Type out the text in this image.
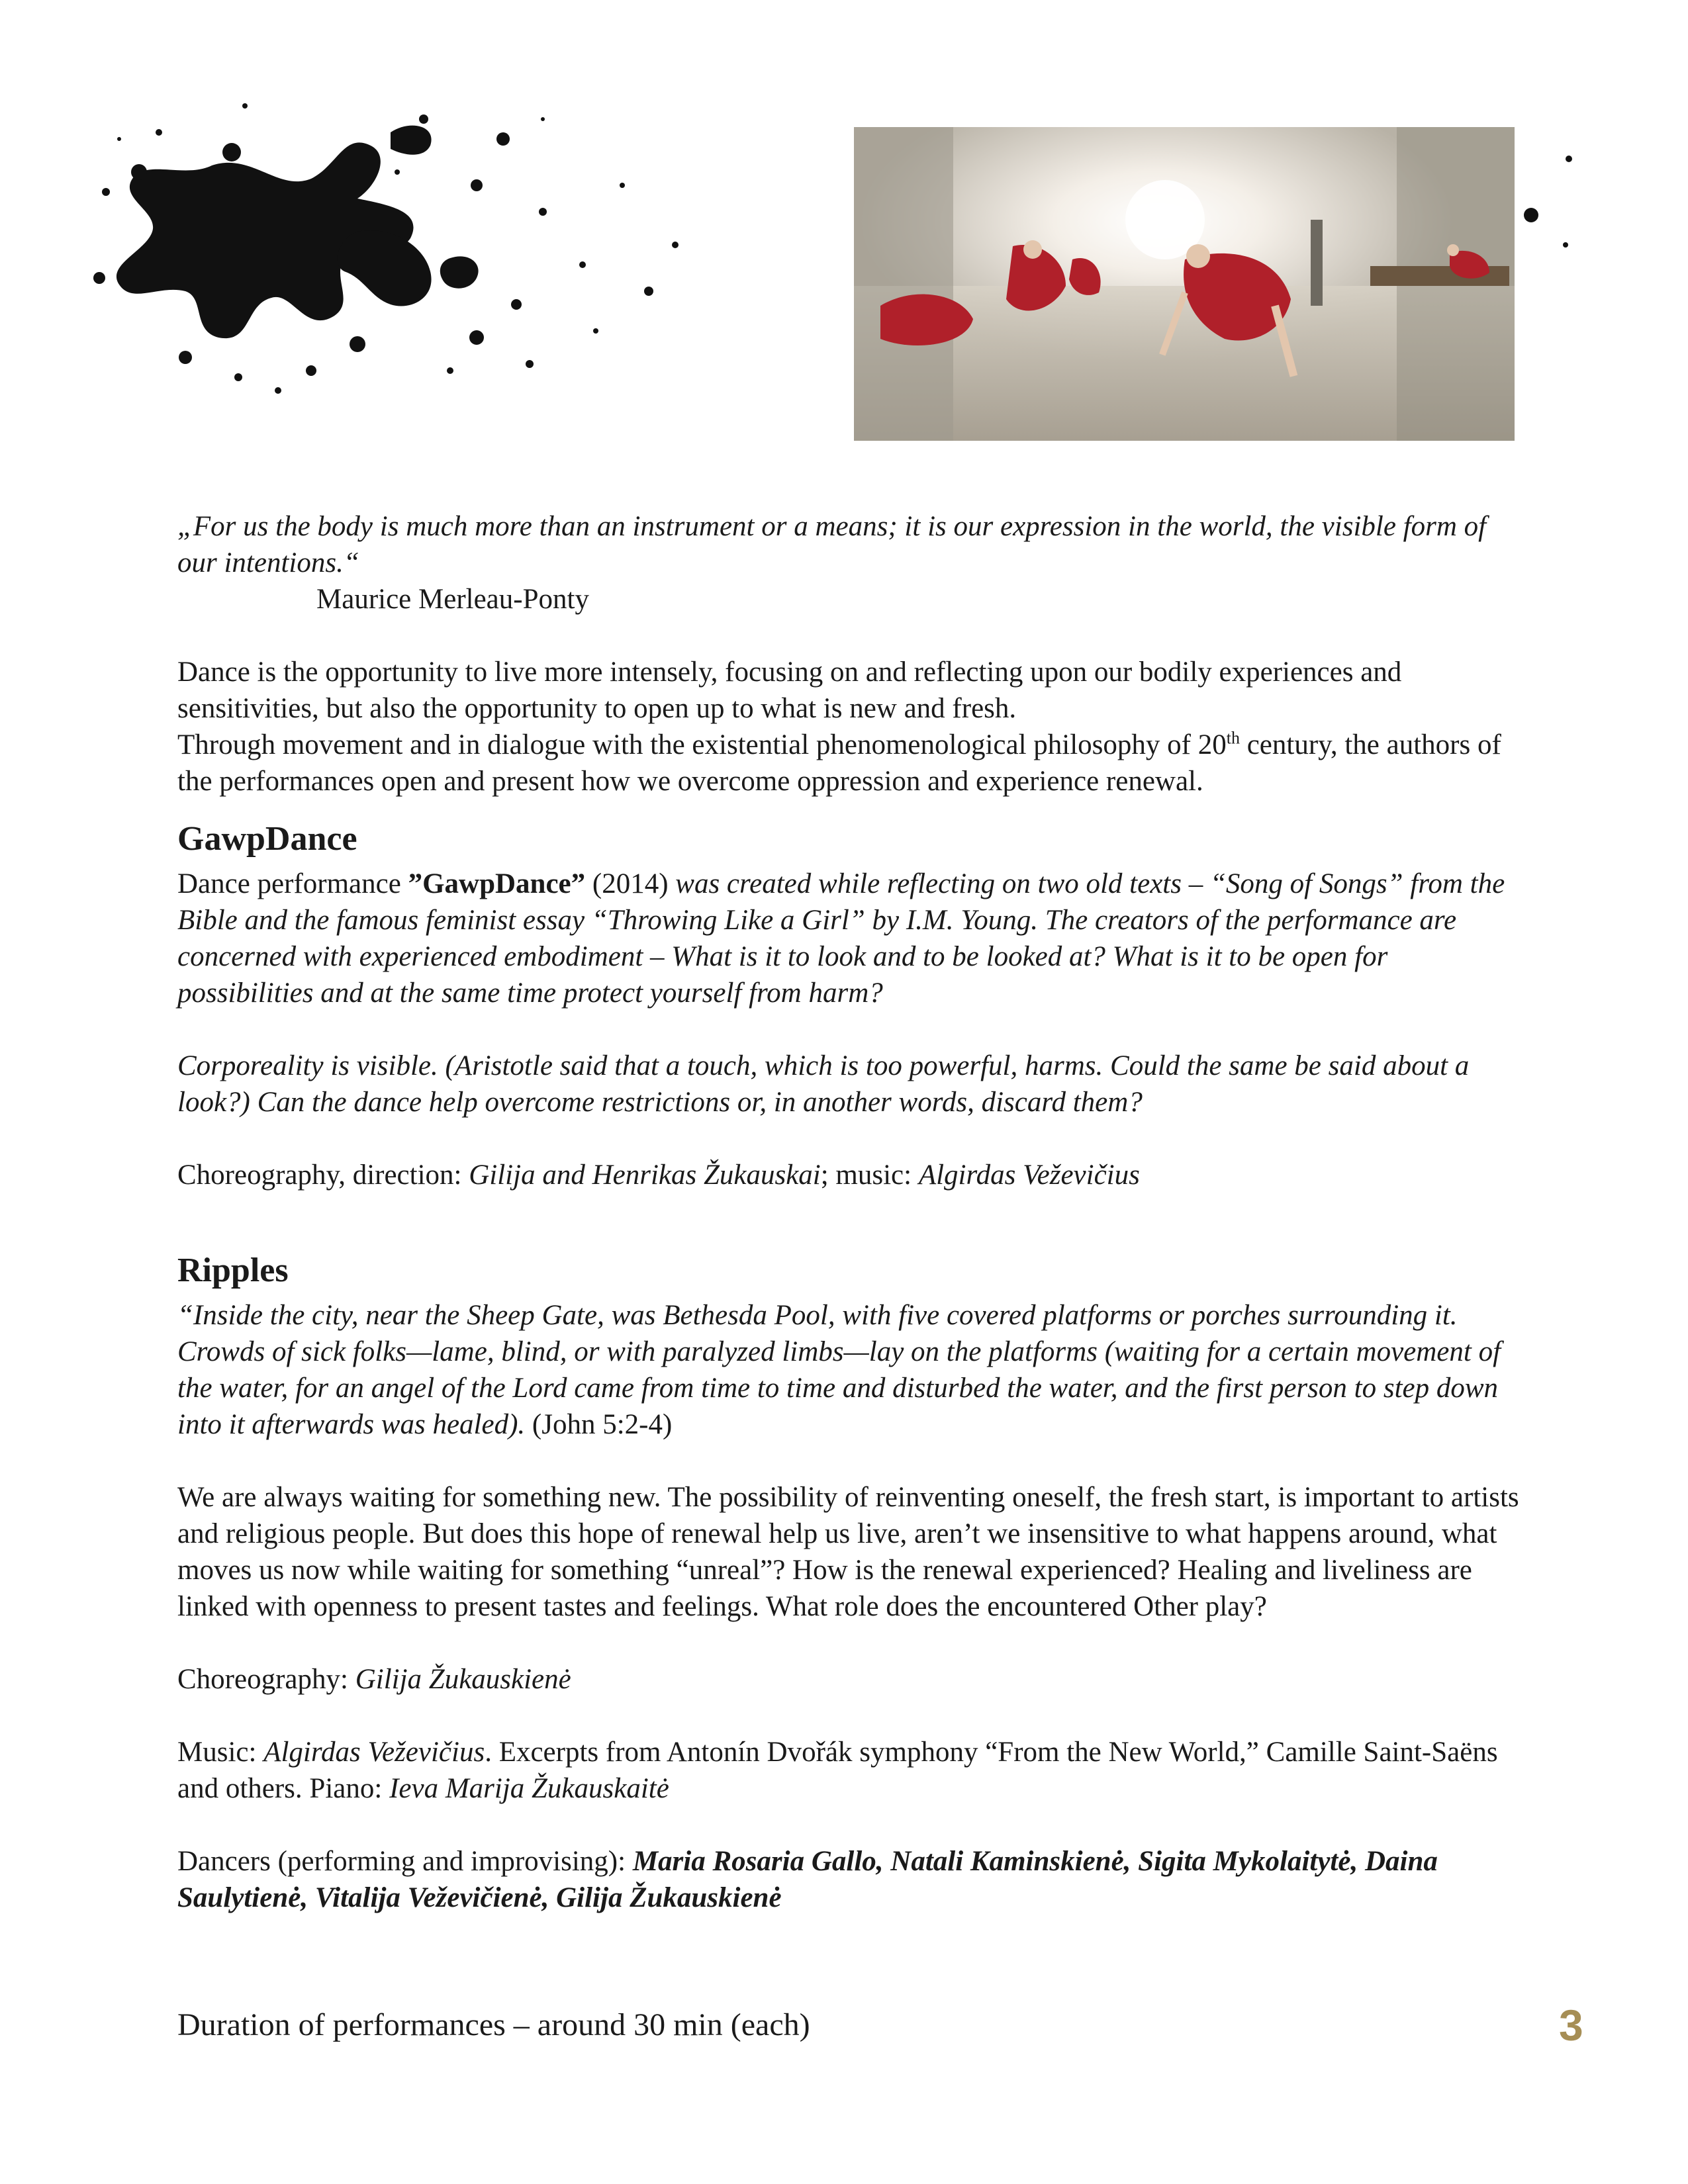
„For us the body is much more than an instrument or a means; it is our expression in the world, the visible form of our intentions.“

Maurice Merleau-Ponty

Dance is the opportunity to live more intensely, focusing on and reflecting upon our bodily experiences and sensitivities, but also the opportunity to open up to what is new and fresh.

Through movement and in dialogue with the existential phenomenological philosophy of 20th century, the authors of the performances open and present how we overcome oppression and experience renewal.

GawpDance

Dance performance ”GawpDance” (2014) was created while reflecting on two old texts – “Song of Songs” from the Bible and the famous feminist essay “Throwing Like a Girl” by I.M. Young. The creators of the performance are concerned with experienced embodiment – What is it to look and to be looked at? What is it to be open for possibilities and at the same time protect yourself from harm?

Corporeality is visible. (Aristotle said that a touch, which is too powerful, harms. Could the same be said about a look?) Can the dance help overcome restrictions or, in another words, discard them?

Choreography, direction: Gilija and Henrikas Žukauskai; music: Algirdas Veževičius

Ripples

“Inside the city, near the Sheep Gate, was Bethesda Pool, with five covered platforms or porches surrounding it. Crowds of sick folks—lame, blind, or with paralyzed limbs—lay on the platforms (waiting for a certain movement of the water, for an angel of the Lord came from time to time and disturbed the water, and the first person to step down into it afterwards was healed). (John 5:2-4)

We are always waiting for something new. The possibility of reinventing oneself, the fresh start, is important to artists and religious people. But does this hope of renewal help us live, aren’t we insensitive to what happens around, what moves us now while waiting for something “unreal”? How is the renewal experienced? Healing and liveliness are linked with openness to present tastes and feelings. What role does the encountered Other play?

Choreography: Gilija Žukauskienė

Music: Algirdas Veževičius. Excerpts from Antonín Dvořák symphony “From the New World,” Camille Saint-Saëns and others. Piano: Ieva Marija Žukauskaitė

Dancers (performing and improvising): Maria Rosaria Gallo, Natali Kaminskienė, Sigita Mykolaitytė, Daina Saulytienė, Vitalija Veževičienė, Gilija Žukauskienė

Duration of performances – around 30 min (each)	3
